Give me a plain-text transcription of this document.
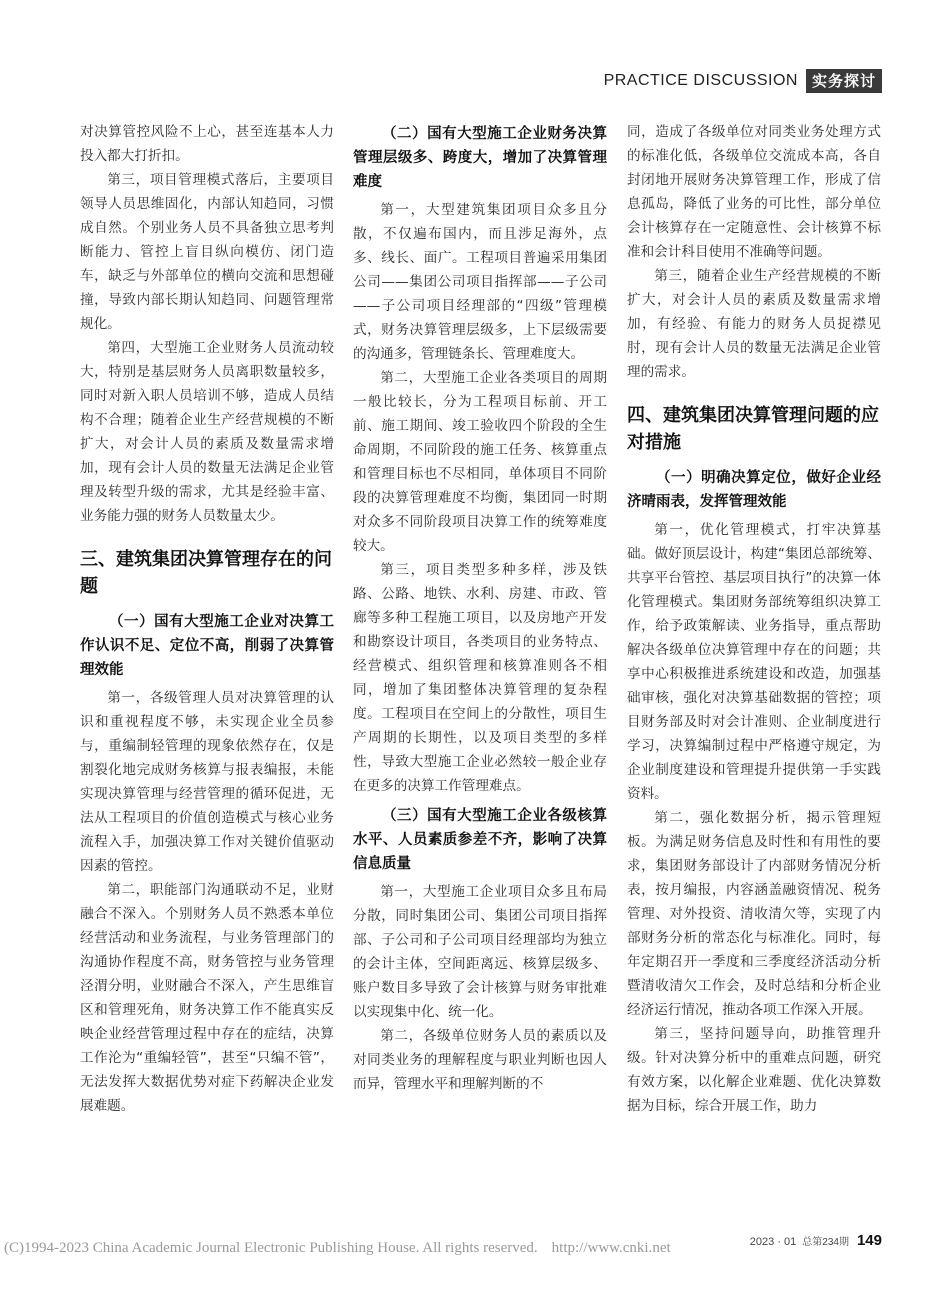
PRACTICE DISCUSSION 实务探讨

对决算管控风险不上心，甚至连基本人力投入都大打折扣。

第三，项目管理模式落后，主要项目领导人员思维固化，内部认知趋同，习惯成自然。个别业务人员不具备独立思考判断能力、管控上盲目纵向模仿、闭门造车，缺乏与外部单位的横向交流和思想碰撞，导致内部长期认知趋同、问题管理常规化。

第四，大型施工企业财务人员流动较大，特别是基层财务人员离职数量较多，同时对新入职人员培训不够，造成人员结构不合理；随着企业生产经营规模的不断扩大，对会计人员的素质及数量需求增加，现有会计人员的数量无法满足企业管理及转型升级的需求，尤其是经验丰富、业务能力强的财务人员数量太少。

三、建筑集团决算管理存在的问题
（一）国有大型施工企业对决算工作认识不足、定位不高，削弱了决算管理效能

第一，各级管理人员对决算管理的认识和重视程度不够，未实现企业全员参与，重编制轻管理的现象依然存在，仅是割裂化地完成财务核算与报表编报，未能实现决算管理与经营管理的循环促进，无法从工程项目的价值创造模式与核心业务流程入手，加强决算工作对关键价值驱动因素的管控。

第二，职能部门沟通联动不足，业财融合不深入。个别财务人员不熟悉本单位经营活动和业务流程，与业务管理部门的沟通协作程度不高，财务管控与业务管理泾渭分明，业财融合不深入，产生思维盲区和管理死角，财务决算工作不能真实反映企业经营管理过程中存在的症结，决算工作沦为“重编轻管”，甚至“只编不管”，无法发挥大数据优势对症下药解决企业发展难题。

（二）国有大型施工企业财务决算管理层级多、跨度大，增加了决算管理难度

第一，大型建筑集团项目众多且分散，不仅遍布国内，而且涉足海外，点多、线长、面广。工程项目普遍采用集团公司——集团公司项目指挥部——子公司——子公司项目经理部的“四级”管理模式，财务决算管理层级多，上下层级需要的沟通多，管理链条长、管理难度大。

第二，大型施工企业各类项目的周期一般比较长，分为工程项目标前、开工前、施工期间、竣工验收四个阶段的全生命周期，不同阶段的施工任务、核算重点和管理目标也不尽相同，单体项目不同阶段的决算管理难度不均衡，集团同一时期对众多不同阶段项目决算工作的统筹难度较大。

第三，项目类型多种多样，涉及铁路、公路、地铁、水利、房建、市政、管廊等多种工程施工项目，以及房地产开发和勘察设计项目，各类项目的业务特点、经营模式、组织管理和核算准则各不相同，增加了集团整体决算管理的复杂程度。工程项目在空间上的分散性，项目生产周期的长期性，以及项目类型的多样性，导致大型施工企业必然较一般企业存在更多的决算工作管理难点。

（三）国有大型施工企业各级核算水平、人员素质参差不齐，影响了决算信息质量

第一，大型施工企业项目众多且布局分散，同时集团公司、集团公司项目指挥部、子公司和子公司项目经理部均为独立的会计主体，空间距离远、核算层级多、账户数目多导致了会计核算与财务审批难以实现集中化、统一化。

第二，各级单位财务人员的素质以及对同类业务的理解程度与职业判断也因人而异，管理水平和理解判断的不

同，造成了各级单位对同类业务处理方式的标准化低，各级单位交流成本高，各自封闭地开展财务决算管理工作，形成了信息孤岛，降低了业务的可比性，部分单位会计核算存在一定随意性、会计核算不标准和会计科目使用不准确等问题。

第三，随着企业生产经营规模的不断扩大，对会计人员的素质及数量需求增加，有经验、有能力的财务人员捉襟见肘，现有会计人员的数量无法满足企业管理的需求。

四、建筑集团决算管理问题的应对措施
（一）明确决算定位，做好企业经济晴雨表，发挥管理效能

第一，优化管理模式，打牢决算基础。做好顶层设计，构建“集团总部统筹、共享平台管控、基层项目执行”的决算一体化管理模式。集团财务部统筹组织决算工作，给予政策解读、业务指导，重点帮助解决各级单位决算管理中存在的问题；共享中心积极推进系统建设和改造，加强基础审核，强化对决算基础数据的管控；项目财务部及时对会计准则、企业制度进行学习，决算编制过程中严格遵守规定，为企业制度建设和管理提升提供第一手实践资料。

第二，强化数据分析，揭示管理短板。为满足财务信息及时性和有用性的要求，集团财务部设计了内部财务情况分析表，按月编报，内容涵盖融资情况、税务管理、对外投资、清收清欠等，实现了内部财务分析的常态化与标准化。同时，每年定期召开一季度和三季度经济活动分析暨清收清欠工作会，及时总结和分析企业经济运行情况，推动各项工作深入开展。

第三，坚持问题导向，助推管理升级。针对决算分析中的重难点问题，研究有效方案，以化解企业难题、优化决算数据为目标，综合开展工作，助力

(C)1994-2023 China Academic Journal Electronic Publishing House. All rights reserved. http://www.cnki.net	2023 · 01 总第234期 149
